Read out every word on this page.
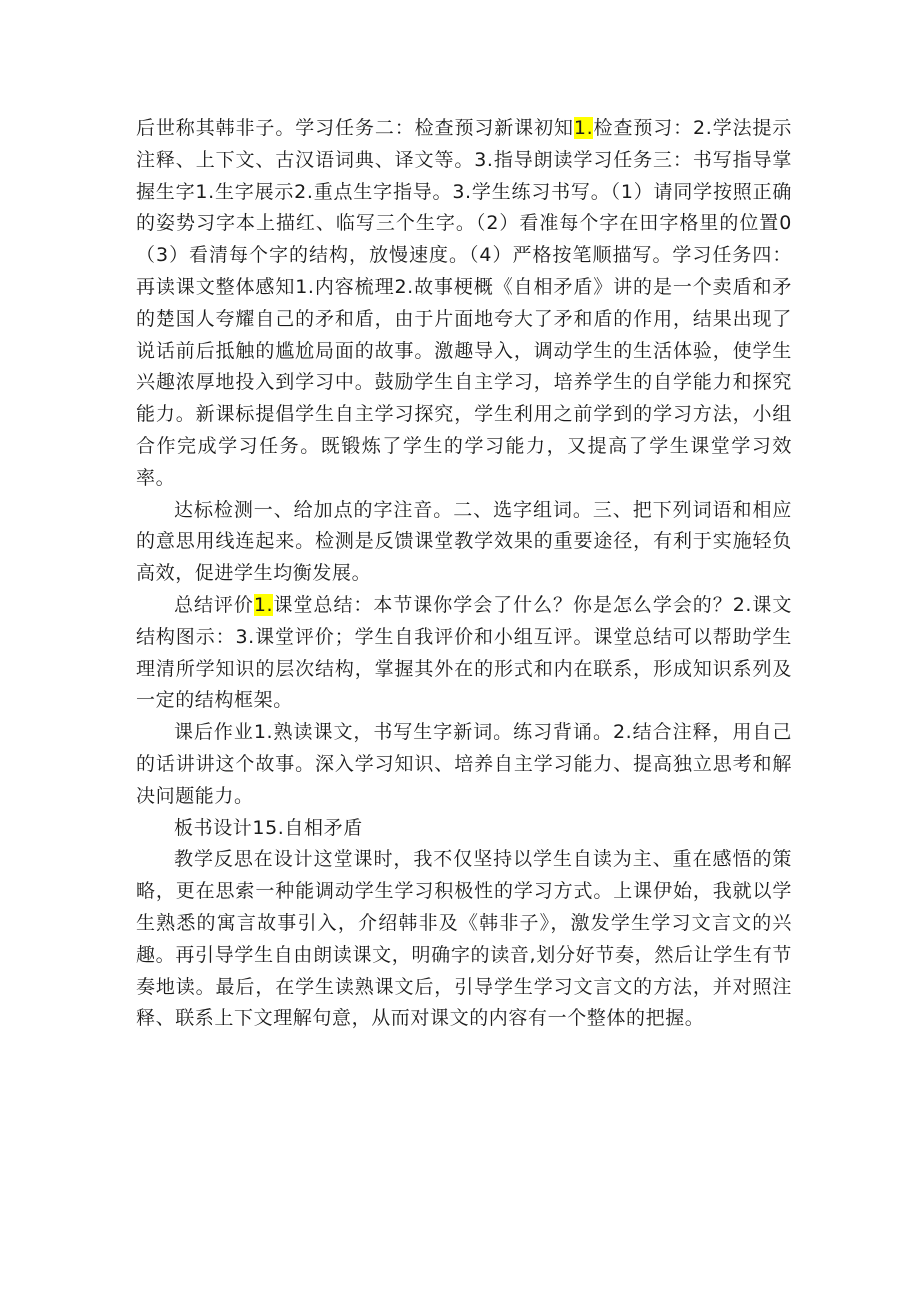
后世称其韩非子。学习任务二：检查预习新课初知1.检查预习：2.学法提示注释、上下文、古汉语词典、译文等。3.指导朗读学习任务三：书写指导掌握生字1.生字展示2.重点生字指导。3.学生练习书写。（1）请同学按照正确的姿势习字本上描红、临写三个生字。（2）看准每个字在田字格里的位置0（3）看清每个字的结构，放慢速度。（4）严格按笔顺描写。学习任务四：再读课文整体感知1.内容梳理2.故事梗概《自相矛盾》讲的是一个卖盾和矛的楚国人夸耀自己的矛和盾，由于片面地夸大了矛和盾的作用，结果出现了说话前后抵触的尴尬局面的故事。激趣导入，调动学生的生活体验，使学生兴趣浓厚地投入到学习中。鼓励学生自主学习，培养学生的自学能力和探究能力。新课标提倡学生自主学习探究，学生利用之前学到的学习方法，小组合作完成学习任务。既锻炼了学生的学习能力，又提高了学生课堂学习效率。

达标检测一、给加点的字注音。二、选字组词。三、把下列词语和相应的意思用线连起来。检测是反馈课堂教学效果的重要途径，有利于实施轻负高效，促进学生均衡发展。

总结评价1.课堂总结：本节课你学会了什么？你是怎么学会的？2.课文结构图示：3.课堂评价；学生自我评价和小组互评。课堂总结可以帮助学生理清所学知识的层次结构，掌握其外在的形式和内在联系，形成知识系列及一定的结构框架。

课后作业1.熟读课文，书写生字新词。练习背诵。2.结合注释，用自己的话讲讲这个故事。深入学习知识、培养自主学习能力、提高独立思考和解决问题能力。

板书设计15.自相矛盾

教学反思在设计这堂课时，我不仅坚持以学生自读为主、重在感悟的策略，更在思索一种能调动学生学习积极性的学习方式。上课伊始，我就以学生熟悉的寓言故事引入，介绍韩非及《韩非子》，激发学生学习文言文的兴趣。再引导学生自由朗读课文，明确字的读音,划分好节奏，然后让学生有节奏地读。最后，在学生读熟课文后，引导学生学习文言文的方法，并对照注释、联系上下文理解句意，从而对课文的内容有一个整体的把握。
